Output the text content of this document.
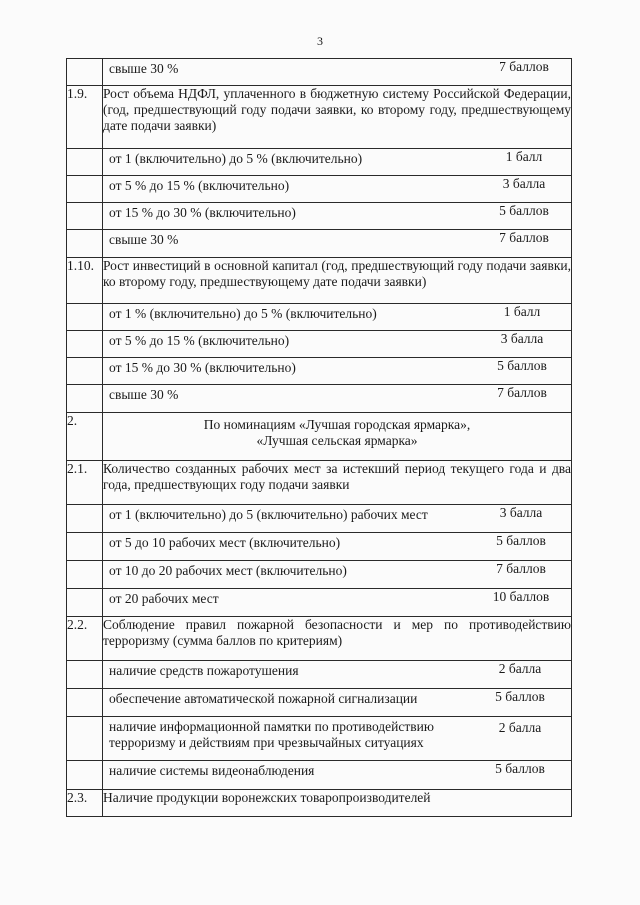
3

свыше 30 %	7 баллов

1.9.	Рост объема НДФЛ, уплаченного в бюджетную систему Российской Федерации, (год, предшествующий году подачи заявки, ко второму году, предшествующему дате подачи заявки)

от 1 (включительно) до 5 % (включительно)	1 балл

от 5 % до 15 % (включительно)	3 балла

от 15 % до 30 % (включительно)	5 баллов

свыше 30 %	7 баллов

1.10.	Рост инвестиций в основной капитал (год, предшествующий году подачи заявки, ко второму году, предшествующему дате подачи заявки)

от 1 % (включительно) до 5 % (включительно)	1 балл

от 5 % до 15 % (включительно)	3 балла

от 15 % до 30 % (включительно)	5 баллов

свыше 30 %	7 баллов

2.	По номинациям «Лучшая городская ярмарка»,
«Лучшая сельская ярмарка»
2.1.	Количество созданных рабочих мест за истекший период текущего года и два года, предшествующих году подачи заявки

от 1 (включительно) до 5 (включительно) рабочих мест	3 балла

от 5 до 10 рабочих мест (включительно)	5 баллов

от 10 до 20 рабочих мест (включительно)	7 баллов

от 20 рабочих мест	10 баллов

2.2.	Соблюдение правил пожарной безопасности и мер по противодействию терроризму (сумма баллов по критериям)

наличие средств пожаротушения	2 балла

обеспечение автоматической пожарной сигнализации	5 баллов

наличие информационной памятки по противодействию терроризму и действиям при чрезвычайных ситуациях	2 балла

наличие системы видеонаблюдения	5 баллов

2.3.	Наличие продукции воронежских товаропроизводителей
